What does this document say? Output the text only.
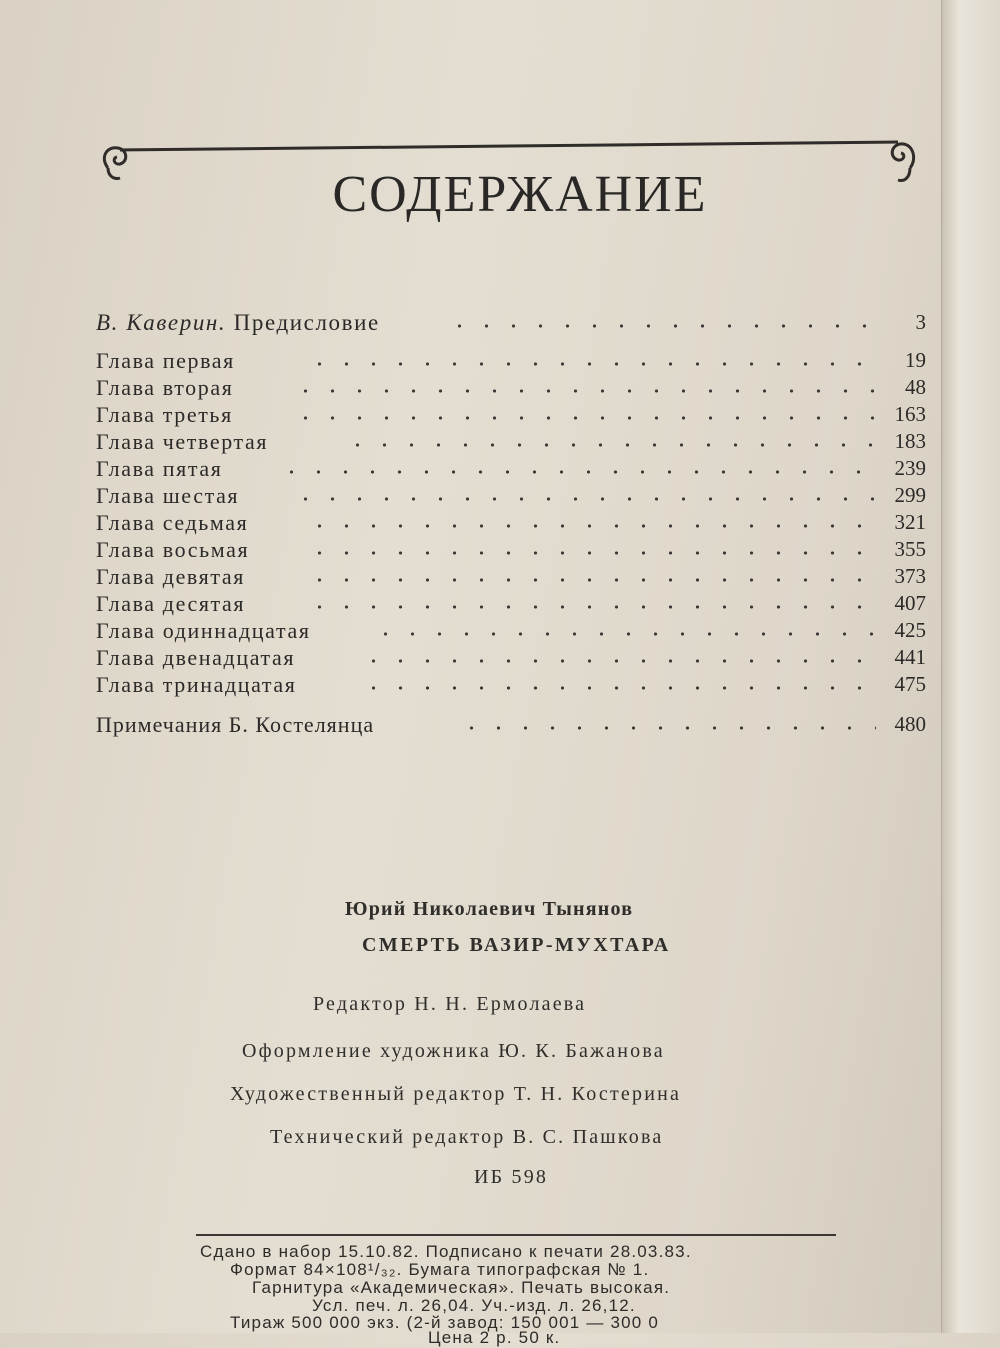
СОДЕРЖАНИЕ
В. Каверин. Предисловие	3
Глава первая	19
Глава вторая	48
Глава третья	163
Глава четвертая	183
Глава пятая	239
Глава шестая	299
Глава седьмая	321
Глава восьмая	355
Глава девятая	373
Глава десятая	407
Глава одиннадцатая	425
Глава двенадцатая	441
Глава тринадцатая	475
Примечания Б. Костелянца	480
Юрий Николаевич Тынянов
СМЕРТЬ ВАЗИР-МУХТАРА
Редактор Н. Н. Ермолаева
Оформление художника Ю. К. Бажанова
Художественный редактор Т. Н. Костерина
Технический редактор В. С. Пашкова
ИБ 598
Сдано в набор 15.10.82. Подписано к печати 28.03.83.
Формат 84×108¹/₃₂. Бумага типографская № 1.
Гарнитура «Академическая». Печать высокая.
Усл. печ. л. 26,04. Уч.-изд. л. 26,12.
Тираж 500 000 экз. (2-й завод: 150 001 — 300 0
Цена 2 р. 50 к.
